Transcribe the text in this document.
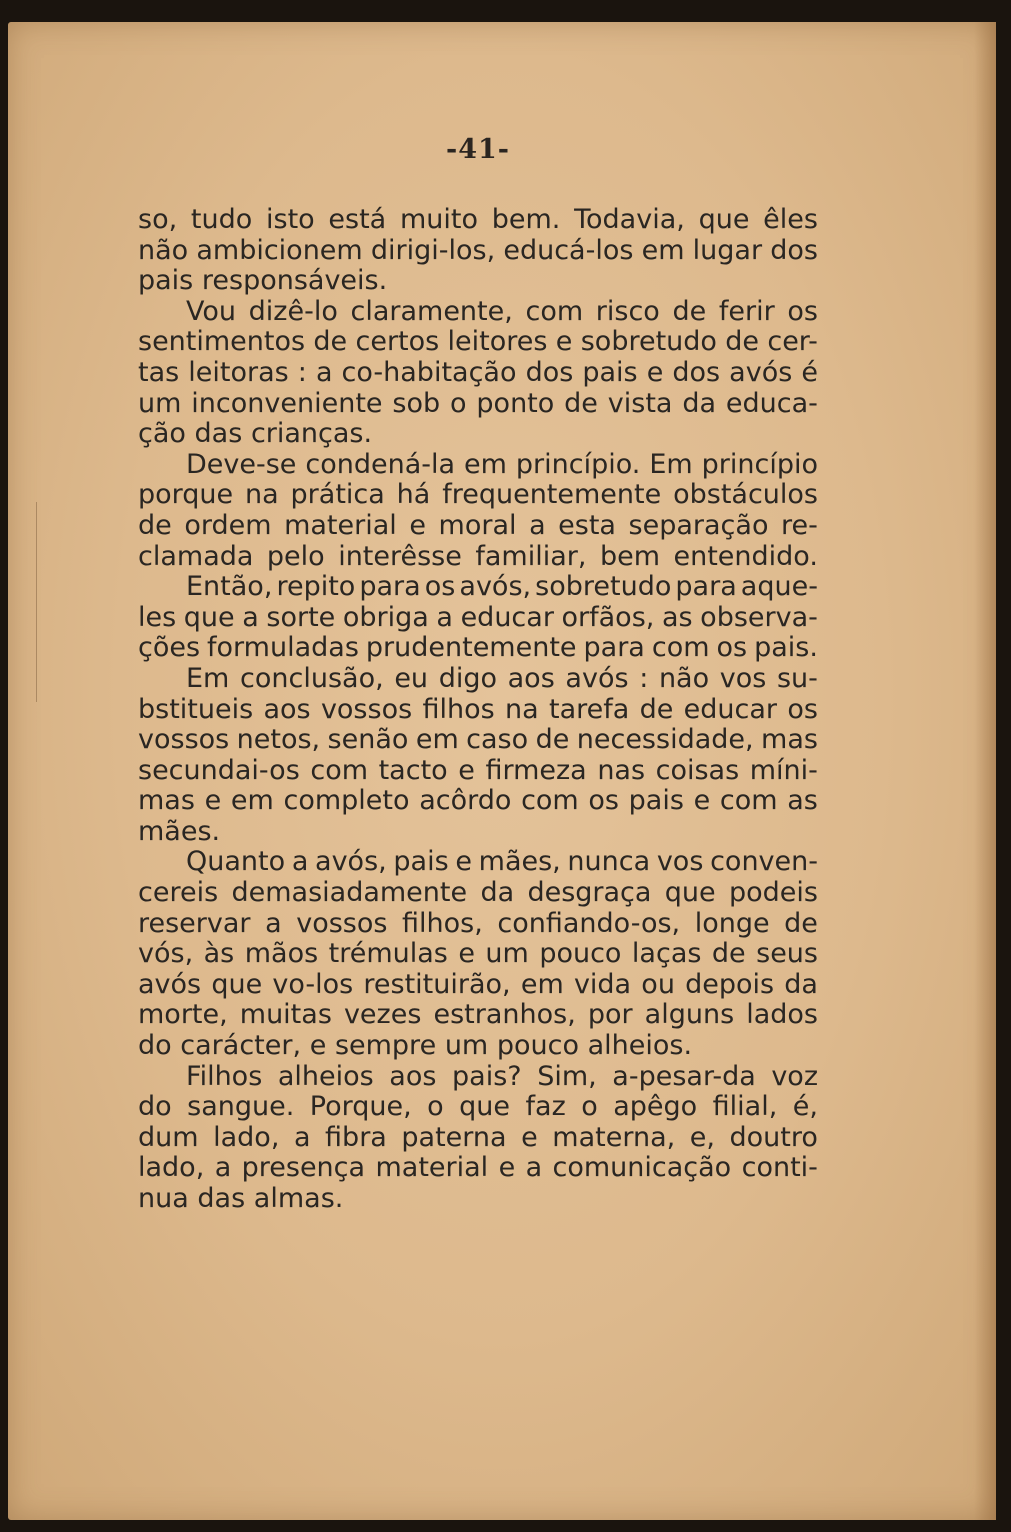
-41-
so, tudo isto está muito bem. Todavia, que êles
não ambicionem dirigi-los, educá-los em lugar dos
pais responsáveis.
Vou dizê-lo claramente, com risco de ferir os
sentimentos de certos leitores e sobretudo de cer-
tas leitoras : a co-habitação dos pais e dos avós é
um inconveniente sob o ponto de vista da educa-
ção das crianças.
Deve-se condená-la em princípio. Em princípio
porque na prática há frequentemente obstáculos
de ordem material e moral a esta separação re-
clamada pelo interêsse familiar, bem entendido.
Então, repito para os avós, sobretudo para aque-
les que a sorte obriga a educar orfãos, as observa-
ções formuladas prudentemente para com os pais.
Em conclusão, eu digo aos avós : não vos su-
bstitueis aos vossos filhos na tarefa de educar os
vossos netos, senão em caso de necessidade, mas
secundai-os com tacto e firmeza nas coisas míni-
mas e em completo acôrdo com os pais e com as
mães.
Quanto a avós, pais e mães, nunca vos conven-
cereis demasiadamente da desgraça que podeis
reservar a vossos filhos, confiando-os, longe de
vós, às mãos trémulas e um pouco laças de seus
avós que vo-los restituirão, em vida ou depois da
morte, muitas vezes estranhos, por alguns lados
do carácter, e sempre um pouco alheios.
Filhos alheios aos pais? Sim, a-pesar-da voz
do sangue. Porque, o que faz o apêgo filial, é,
dum lado, a fibra paterna e materna, e, doutro
lado, a presença material e a comunicação conti-
nua das almas.
